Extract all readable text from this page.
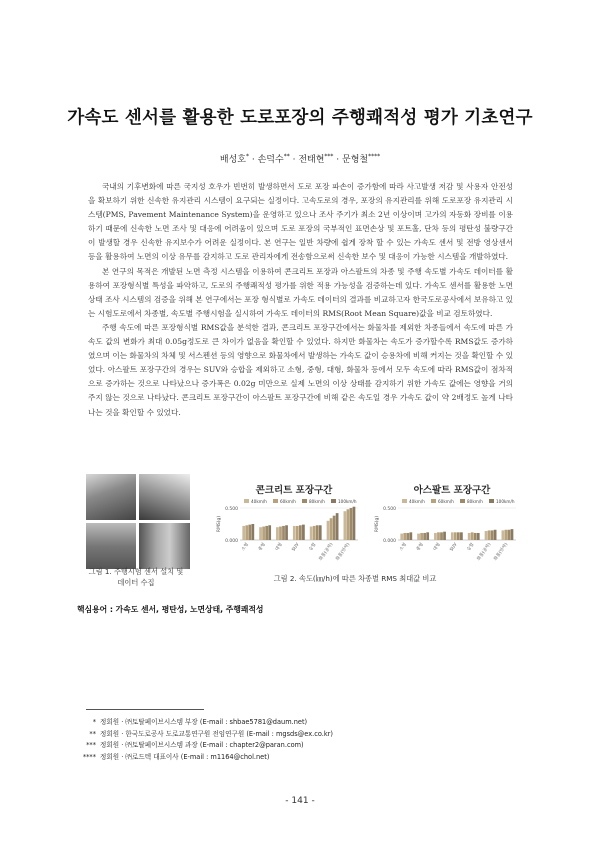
가속도 센서를 활용한 도로포장의 주행쾌적성 평가 기초연구
배성호* · 손덕수** · 전태현*** · 문형철****

국내의 기후변화에 따른 국지성 호우가 빈번히 발생하면서 도로 포장 파손이 증가함에 따라 사고발생 저감 및 사용자 안전성을 확보하기 위한 신속한 유지관리 시스템이 요구되는 실정이다. 고속도로의 경우, 포장의 유지관리를 위해 도로포장 유지관리 시스템(PMS, Pavement Maintenance System)을 운영하고 있으나 조사 주기가 최소 2년 이상이며 고가의 자동화 장비를 이용하기 때문에 신속한 노면 조사 및 대응에 어려움이 있으며 도로 포장의 국부적인 표면손상 및 포트홀, 단차 등의 평탄성 불량구간이 발생할 경우 신속한 유지보수가 어려운 실정이다. 본 연구는 일반 차량에 쉽게 장착 할 수 있는 가속도 센서 및 전방 영상센서 등을 활용하여 노면의 이상 유무를 감지하고 도로 관리자에게 전송함으로써 신속한 보수 및 대응이 가능한 시스템을 개발하였다.

본 연구의 목적은 개발된 노면 측정 시스템을 이용하여 콘크리트 포장과 아스팔트의 차종 및 주행 속도별 가속도 데이터를 활용하여 포장형식별 특성을 파악하고, 도로의 주행쾌적성 평가를 위한 적용 가능성을 검증하는데 있다. 가속도 센서를 활용한 노면 상태 조사 시스템의 검증을 위해 본 연구에서는 포장 형식별로 가속도 데이터의 결과를 비교하고자 한국도로공사에서 보유하고 있는 시험도로에서 차종별, 속도별 주행시험을 실시하여 가속도 데이터의 RMS(Root Mean Square)값을 비교 검토하였다.

주행 속도에 따른 포장형식별 RMS값을 분석한 결과, 콘크리트 포장구간에서는 화물차를 제외한 차종들에서 속도에 따른 가속도 값의 변화가 최대 0.05g정도로 큰 차이가 없음을 확인할 수 있었다. 하지만 화물차는 속도가 증가할수록 RMS값도 증가하였으며 이는 화물차의 차체 및 서스펜션 등의 영향으로 화물차에서 발생하는 가속도 값이 승용차에 비해 커지는 것을 확인할 수 있었다. 아스팔트 포장구간의 경우는 SUV와 승합을 제외하고 소형, 중형, 대형, 화물차 등에서 모두 속도에 따라 RMS값이 점차적으로 증가하는 것으로 나타났으나 증가폭은 0.02g 미만으로 실제 노면의 이상 상태를 감지하기 위한 가속도 값에는 영향을 거의 주지 않는 것으로 나타났다. 콘크리트 포장구간이 아스팔트 포장구간에 비해 같은 속도일 경우 가속도 값이 약 2배정도 높게 나타나는 것을 확인할 수 있었다.

그림 1. 주행시험 센서 설치 및
데이터 수집
콘크리트 포장구간
40km/h	60km/h	80km/h	100km/h
0.500
0.000
RMS(g)
소형	중형	대형 SUV	승합 화물(공차) 화물(만차)
아스팔트 포장구간
40km/h	60km/h	80km/h	100km/h
0.500
0.000
RMS(g)
소형	중형	대형 SUV	승합 화물(공차) 화물(만차)
그림 2. 속도(㎞/h)에 따른 차종별 RMS 최대값 비교
핵심용어 : 가속도 센서, 평탄성, 노면상태, 주행쾌적성
* 정회원 · ㈜토탈페이브시스템 부장 (E-mail : shbae5781@daum.net)
** 정회원 · 한국도로공사 도로교통연구원 전임연구원 (E-mail : mgsds@ex.co.kr)
*** 정회원 · ㈜토탈페이브시스템 과장 (E-mail : chapter2@paran.com)
**** 정회원 · ㈜로드텍 대표이사 (E-mail : m1164@chol.net)
- 141 -
